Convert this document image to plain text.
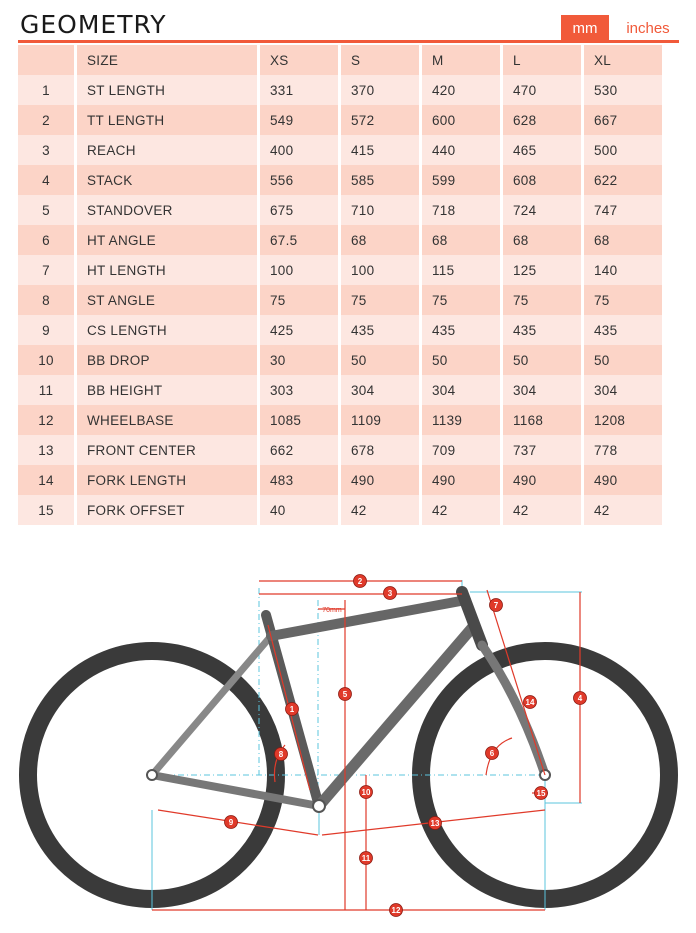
GEOMETRY	mm	inches
	SIZE	XS	S	M	L	XL
1	ST LENGTH	331	370	420	470	530
2	TT LENGTH	549	572	600	628	667
3	REACH	400	415	440	465	500
4	STACK	556	585	599	608	622
5	STANDOVER	675	710	718	724	747
6	HT ANGLE	67.5	68	68	68	68
7	HT LENGTH	100	100	115	125	140
8	ST ANGLE	75	75	75	75	75
9	CS LENGTH	425	435	435	435	435
10	BB DROP	30	50	50	50	50
11	BB HEIGHT	303	304	304	304	304
12	WHEELBASE	1085	1109	1139	1168	1208
13	FRONT CENTER	662	678	709	737	778
14	FORK LENGTH	483	490	490	490	490
15	FORK OFFSET	40	42	42	42	42
1
2
3
4
5
6
7
8
9
10
11
12
13
14
15
70mm
